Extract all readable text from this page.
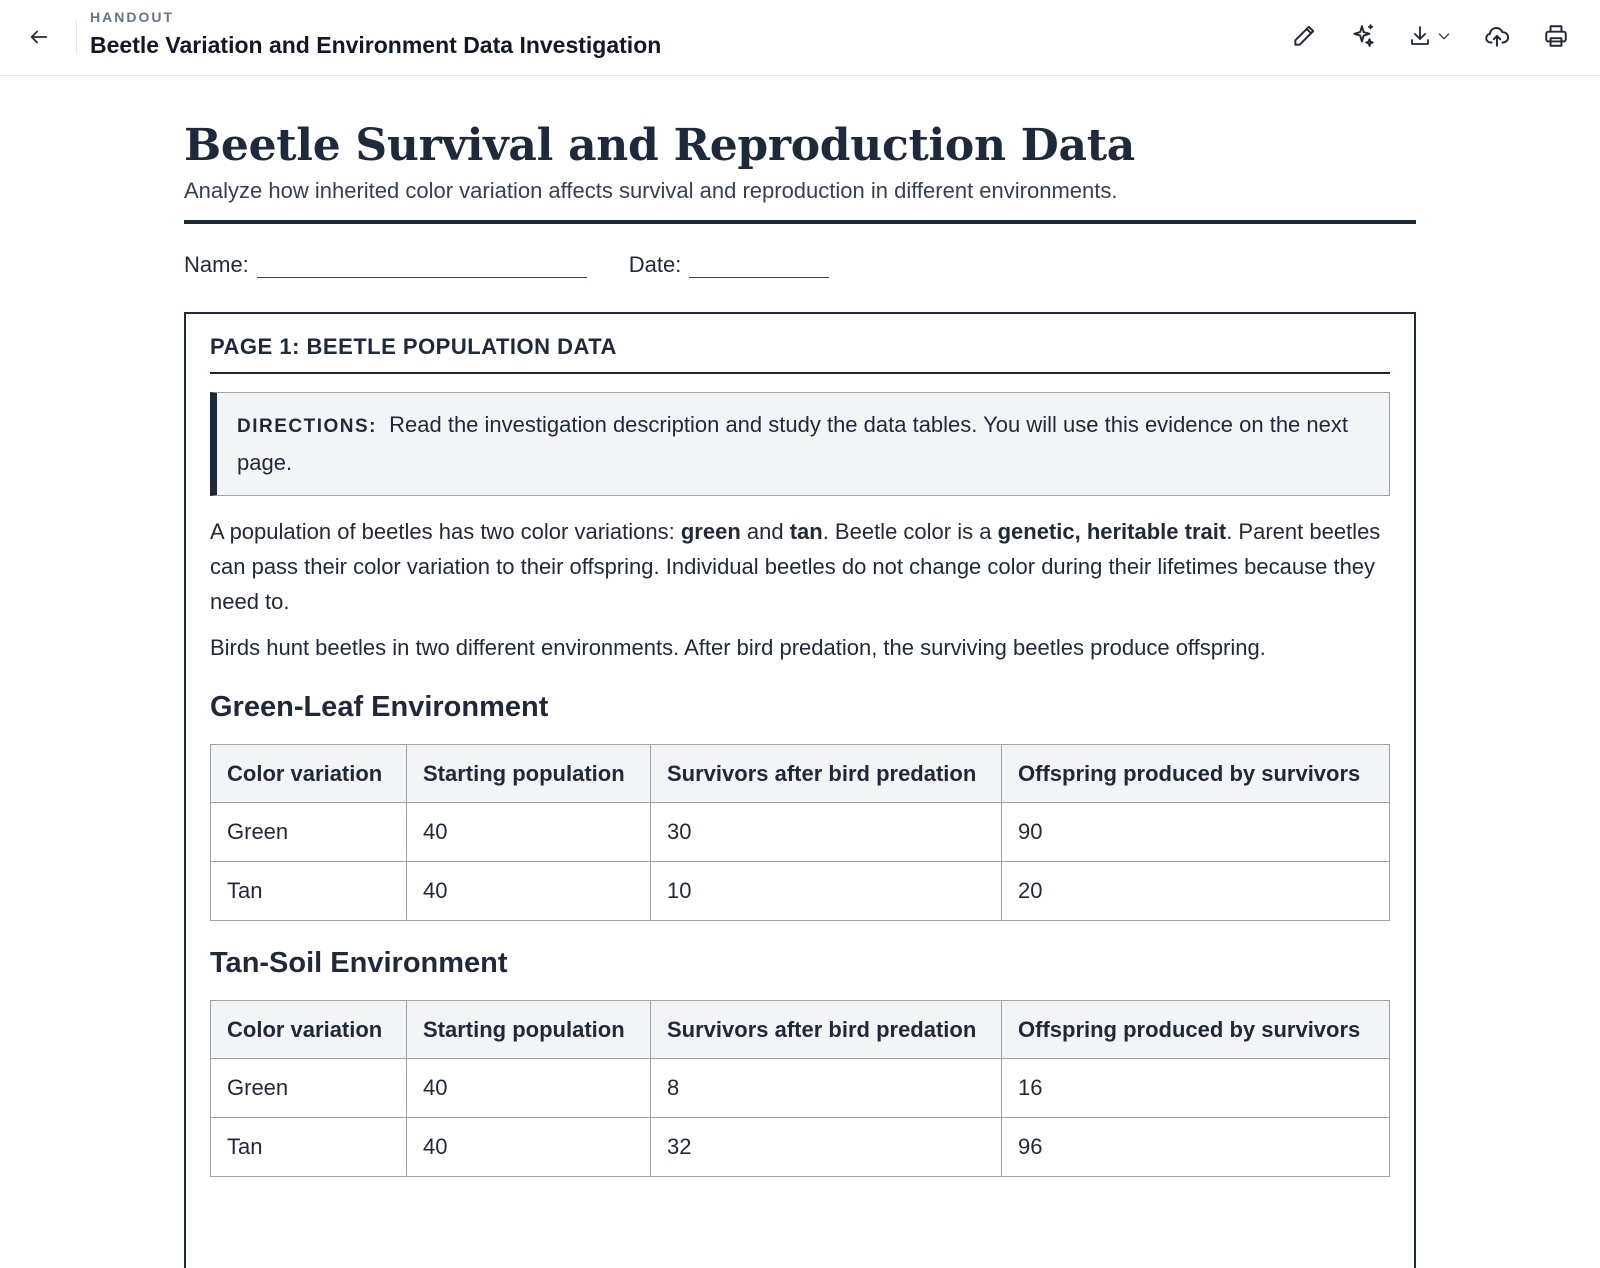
HANDOUT
Beetle Variation and Environment Data Investigation
Beetle Survival and Reproduction Data
Analyze how inherited color variation affects survival and reproduction in different environments.
Name:	Date:
PAGE 1: BEETLE POPULATION DATA
DIRECTIONS: Read the investigation description and study the data tables. You will use this evidence on the next page.

A population of beetles has two color variations: green and tan. Beetle color is a genetic, heritable trait. Parent beetles can pass their color variation to their offspring. Individual beetles do not change color during their lifetimes because they need to.

Birds hunt beetles in two different environments. After bird predation, the surviving beetles produce offspring.

Green-Leaf Environment
Color variation	Starting population	Survivors after bird predation	Offspring produced by survivors
Green	40	30	90
Tan	40	10	20
Tan-Soil Environment
Color variation	Starting population	Survivors after bird predation	Offspring produced by survivors
Green	40	8	16
Tan	40	32	96
